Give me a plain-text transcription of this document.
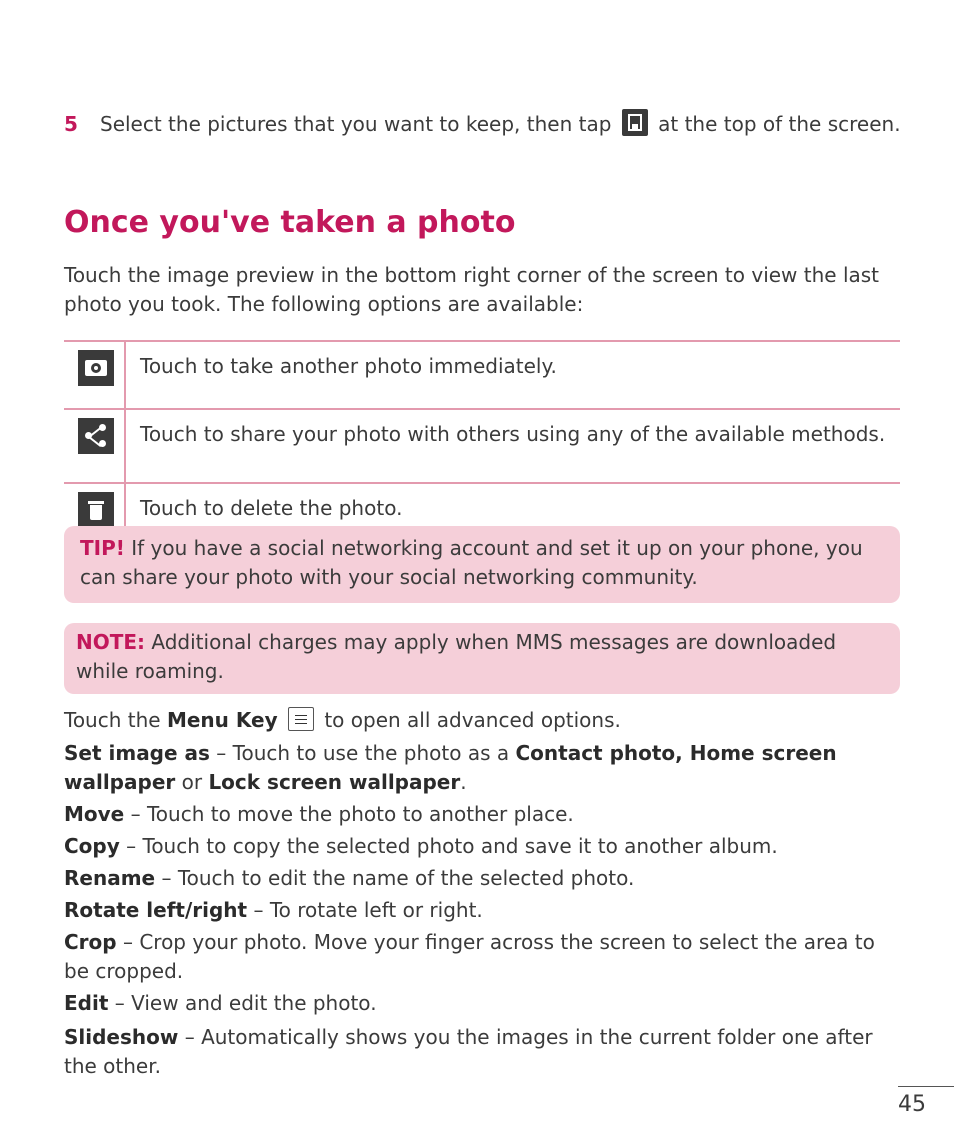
5 Select the pictures that you want to keep, then tap at the top of the screen.
Once you've taken a photo

Touch the image preview in the bottom right corner of the screen to view the last photo you took. The following options are available:

	Touch to take another photo immediately.

	Touch to share your photo with others using any of the available methods.

	Touch to delete the photo.
TIP! If you have a social networking account and set it up on your phone, you can share your photo with your social networking community.
NOTE: Additional charges may apply when MMS messages are downloaded while roaming.

Touch the Menu Key to open all advanced options.

Set image as – Touch to use the photo as a Contact photo, Home screen wallpaper or Lock screen wallpaper.

Move – Touch to move the photo to another place.

Copy – Touch to copy the selected photo and save it to another album.

Rename – Touch to edit the name of the selected photo.

Rotate left/right – To rotate left or right.

Crop – Crop your photo. Move your finger across the screen to select the area to be cropped.

Edit – View and edit the photo.

Slideshow – Automatically shows you the images in the current folder one after the other.

45
